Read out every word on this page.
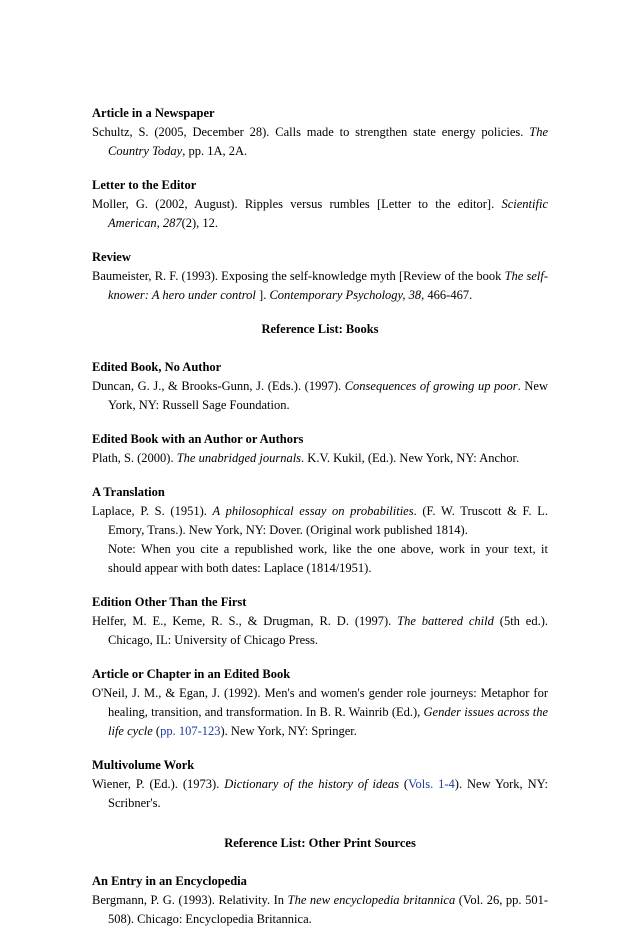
Article in a Newspaper
Schultz, S. (2005, December 28). Calls made to strengthen state energy policies. The Country Today, pp. 1A, 2A.
Letter to the Editor
Moller, G. (2002, August). Ripples versus rumbles [Letter to the editor]. Scientific American, 287(2), 12.
Review
Baumeister, R. F. (1993). Exposing the self-knowledge myth [Review of the book The self-knower: A hero under control ]. Contemporary Psychology, 38, 466-467.
Reference List: Books
Edited Book, No Author
Duncan, G. J., & Brooks-Gunn, J. (Eds.). (1997). Consequences of growing up poor. New York, NY: Russell Sage Foundation.
Edited Book with an Author or Authors
Plath, S. (2000). The unabridged journals. K.V. Kukil, (Ed.). New York, NY: Anchor.
A Translation
Laplace, P. S. (1951). A philosophical essay on probabilities. (F. W. Truscott & F. L. Emory, Trans.). New York, NY: Dover. (Original work published 1814).
Note: When you cite a republished work, like the one above, work in your text, it should appear with both dates: Laplace (1814/1951).
Edition Other Than the First
Helfer, M. E., Keme, R. S., & Drugman, R. D. (1997). The battered child (5th ed.). Chicago, IL: University of Chicago Press.
Article or Chapter in an Edited Book
O'Neil, J. M., & Egan, J. (1992). Men's and women's gender role journeys: Metaphor for healing, transition, and transformation. In B. R. Wainrib (Ed.), Gender issues across the life cycle (pp. 107-123). New York, NY: Springer.
Multivolume Work
Wiener, P. (Ed.). (1973). Dictionary of the history of ideas (Vols. 1-4). New York, NY: Scribner's.
Reference List: Other Print Sources
An Entry in an Encyclopedia
Bergmann, P. G. (1993). Relativity. In The new encyclopedia britannica (Vol. 26, pp. 501-508). Chicago: Encyclopedia Britannica.
